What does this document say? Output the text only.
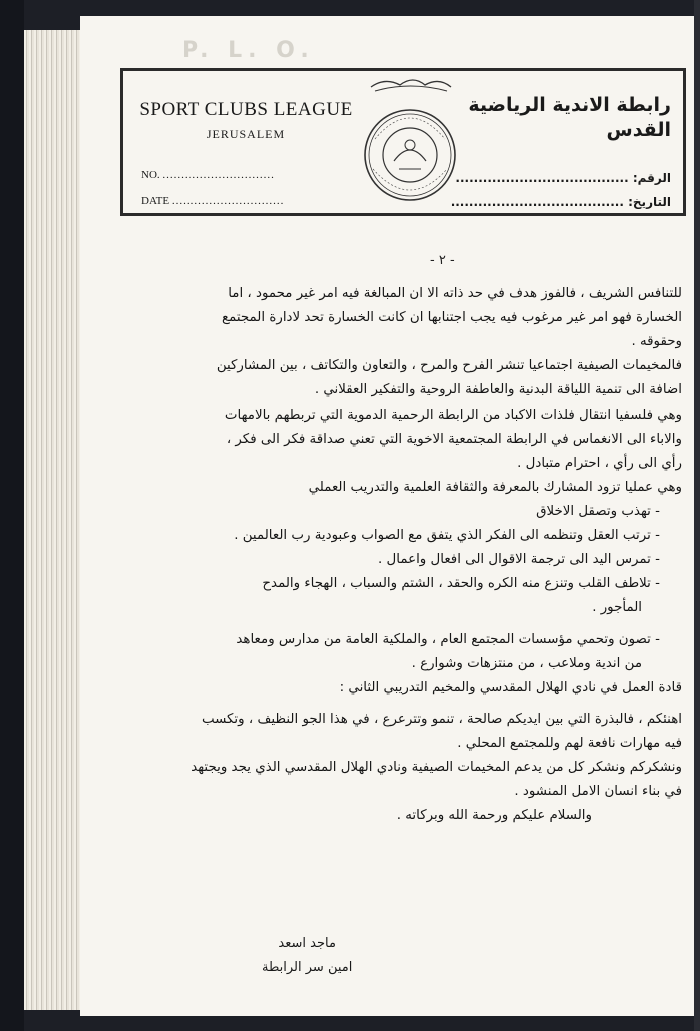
P. L. O.
SPORT CLUBS LEAGUE
JERUSALEM
NO. ..............................
DATE ..............................
رابطة الاندية الرياضية
القدس
الرقم: ......................................
التاريخ: ......................................
- ٢ -
للتنافس الشريف ، فالفوز هدف في حد ذاته الا ان المبالغة فيه امر غير محمود ، اما
الخسارة فهو امر غير مرغوب فيه يجب اجتنابها ان كانت الخسارة تحد لادارة المجتمع
وحقوقه .
فالمخيمات الصيفية اجتماعيا تنشر الفرح والمرح ، والتعاون والتكاتف ، بين المشاركين
اضافة الى تنمية اللياقة البدنية والعاطفة الروحية والتفكير العقلاني .
وهي فلسفيا انتقال فلذات الاكباد من الرابطة الرحمية الدموية التي تربطهم بالامهات
والاباء الى الانغماس في الرابطة المجتمعية الاخوية التي تعني صداقة فكر الى فكر ،
رأي الى رأي ، احترام متبادل .
وهي عمليا تزود المشارك بالمعرفة والثقافة العلمية والتدريب العملي
- تهذب وتصقل الاخلاق
- ترتب العقل وتنظمه الى الفكر الذي يتفق مع الصواب وعبودية رب العالمين .
- تمرس اليد الى ترجمة الاقوال الى افعال واعمال .
- تلاطف القلب وتنزع منه الكره والحقد ، الشتم والسباب ، الهجاء والمدح
المأجور .
- تصون وتحمي مؤسسات المجتمع العام ، والملكية العامة من مدارس ومعاهد
من اندية وملاعب ، من منتزهات وشوارع .
قادة العمل في نادي الهلال المقدسي والمخيم التدريبي الثاني :
اهنئكم ، فالبذرة التي بين ايديكم صالحة ، تنمو وتترعرع ، في هذا الجو النظيف ، وتكسب
فيه مهارات نافعة لهم وللمجتمع المحلي .
ونشكركم ونشكر كل من يدعم المخيمات الصيفية ونادي الهلال المقدسي الذي يجد ويجتهد
في بناء انسان الامل المنشود .
والسلام عليكم ورحمة الله وبركاته .
ماجد اسعد
امين سر الرابطة
